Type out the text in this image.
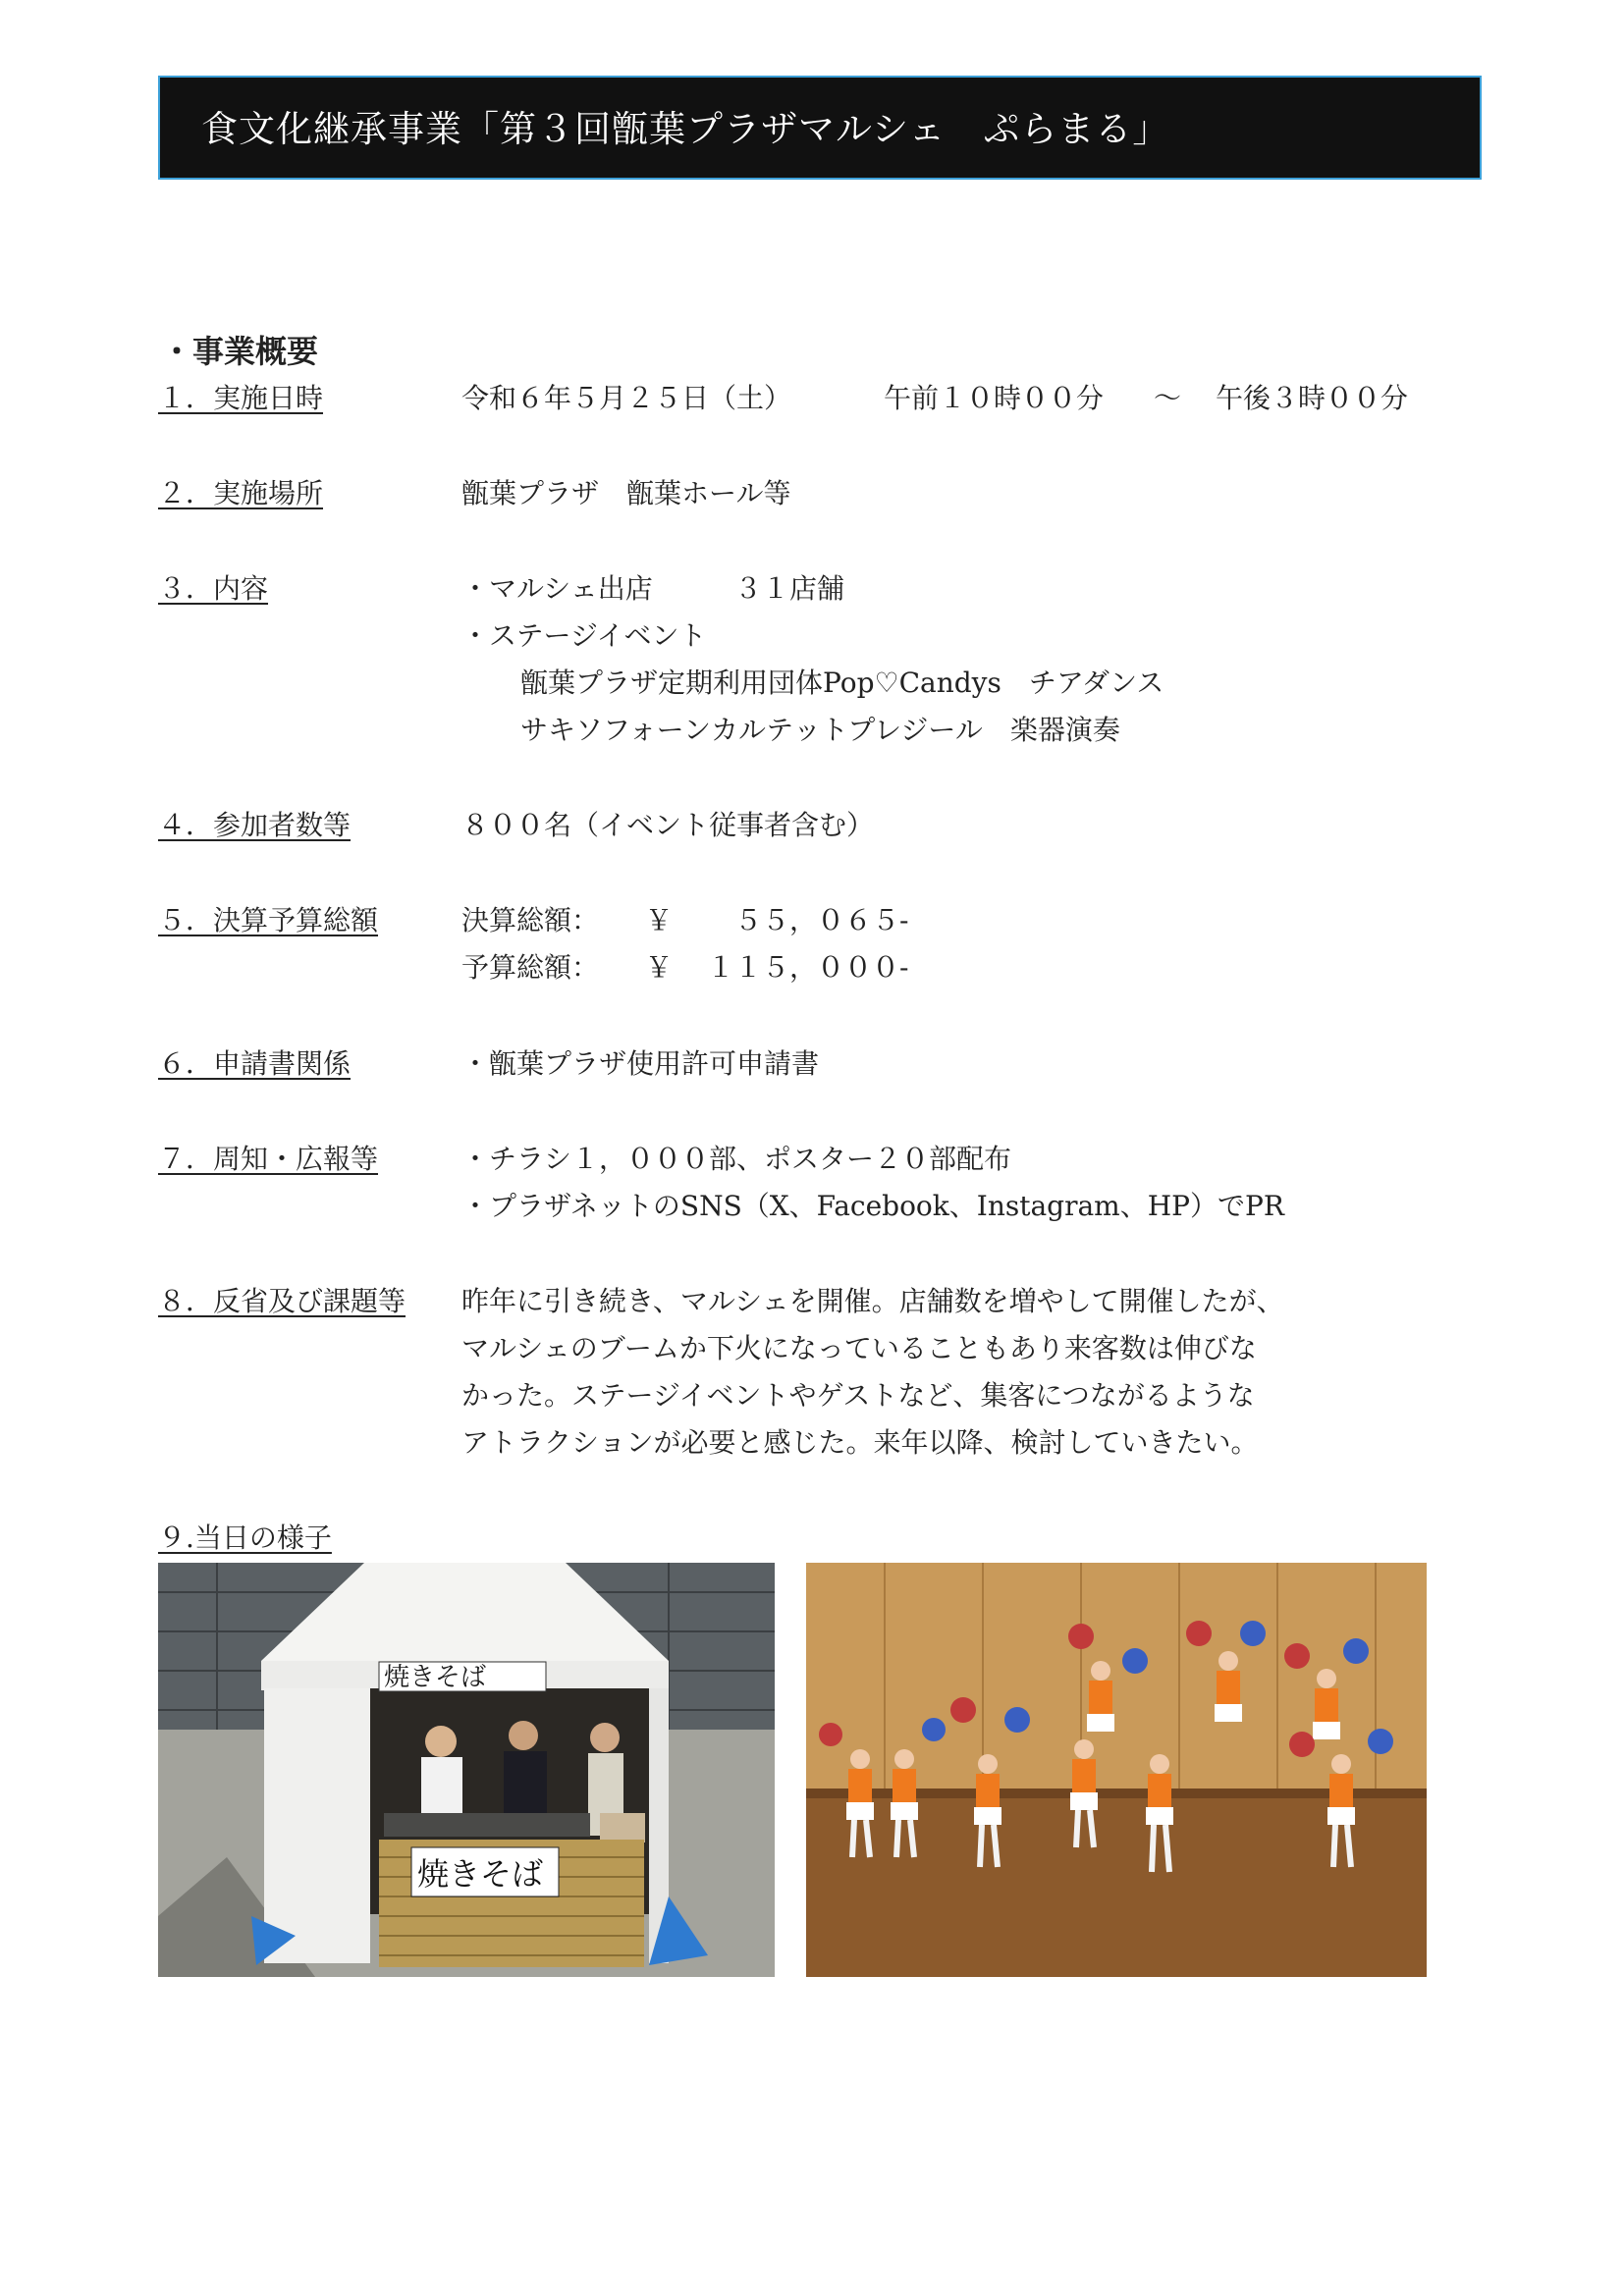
食文化継承事業「第３回甑葉プラザマルシェ　ぷらまる」
・事業概要
１．実施日時	令和６年５月２５日（土）	午前１０時００分 〜 午後３時００分
２．実施場所	甑葉プラザ　甑葉ホール等
３．内容	・マルシェ出店	３１店舗
・ステージイベント
甑葉プラザ定期利用団体Pop♡Candys　チアダンス
サキソフォーンカルテットプレジール　楽器演奏
４．参加者数等	８００名（イベント従事者含む）
５．決算予算総額	決算総額： ￥ ５５，０６５-
予算総額： ￥ １１５，０００-
６．申請書関係	・甑葉プラザ使用許可申請書
７．周知・広報等	・チラシ１，０００部、ポスター２０部配布
・プラザネットのSNS（X、Facebook、Instagram、HP）でPR
８．反省及び課題等 昨年に引き続き、マルシェを開催。店舗数を増やして開催したが、
マルシェのブームか下火になっていることもあり来客数は伸びな
かった。ステージイベントやゲストなど、集客につながるような
アトラクションが必要と感じた。来年以降、検討していきたい。
９.当日の様子
焼きそば
焼きそば
